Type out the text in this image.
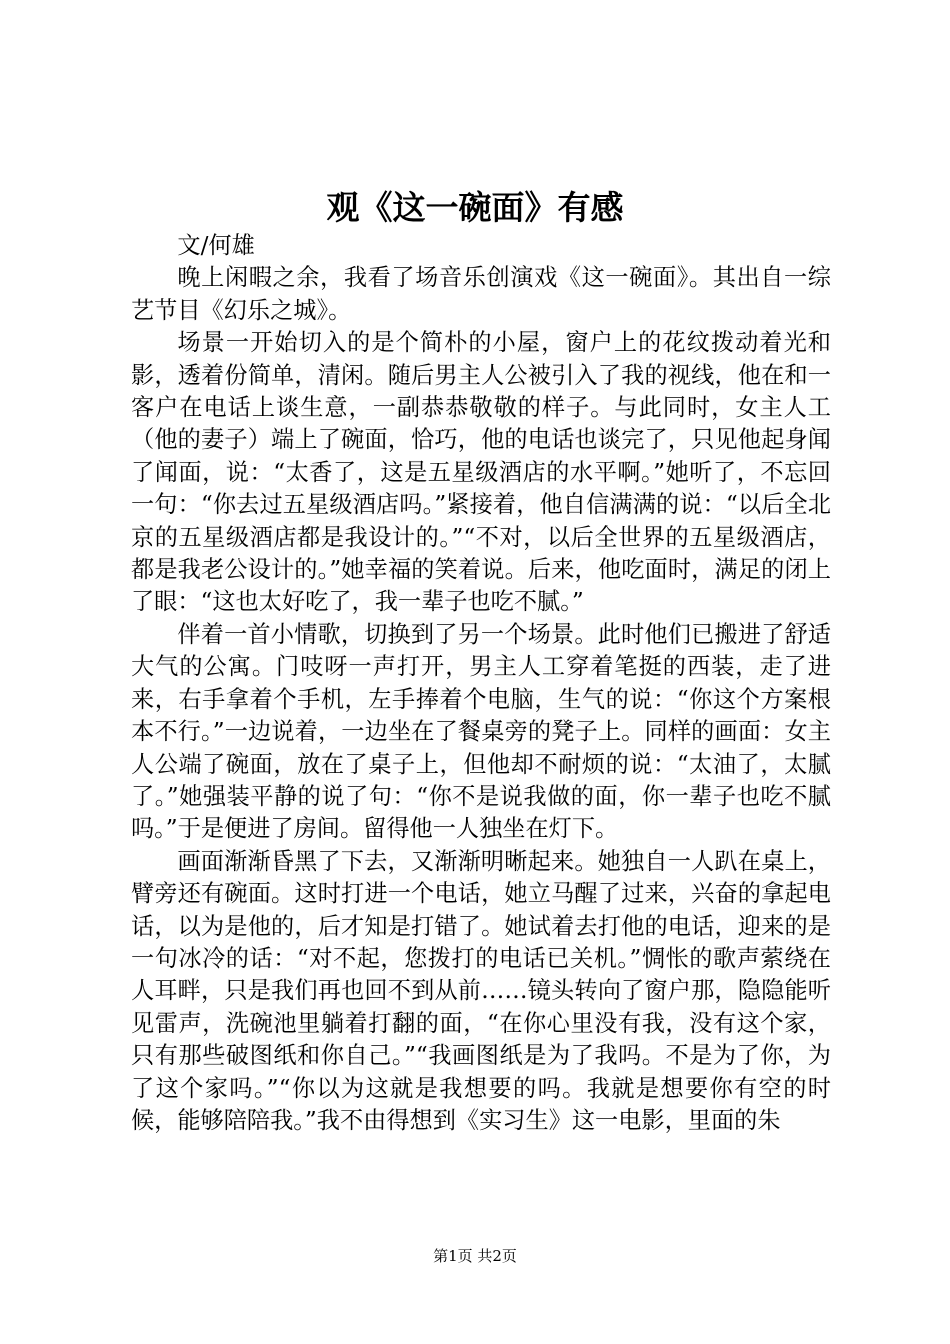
观《这一碗面》有感

文/何雄

晚上闲暇之余，我看了场音乐创演戏《这一碗面》。其出自一综艺节目《幻乐之城》。

场景一开始切入的是个简朴的小屋，窗户上的花纹拨动着光和影，透着份简单，清闲。随后男主人公被引入了我的视线，他在和一客户在电话上谈生意，一副恭恭敬敬的样子。与此同时，女主人工（他的妻子）端上了碗面，恰巧，他的电话也谈完了，只见他起身闻了闻面，说：“太香了，这是五星级酒店的水平啊。”她听了，不忘回一句：“你去过五星级酒店吗。”紧接着，他自信满满的说：“以后全北京的五星级酒店都是我设计的。”“不对，以后全世界的五星级酒店，都是我老公设计的。”她幸福的笑着说。后来，他吃面时，满足的闭上了眼：“这也太好吃了，我一辈子也吃不腻。”

伴着一首小情歌，切换到了另一个场景。此时他们已搬进了舒适大气的公寓。门吱呀一声打开，男主人工穿着笔挺的西装，走了进来，右手拿着个手机，左手捧着个电脑，生气的说：“你这个方案根本不行。”一边说着，一边坐在了餐桌旁的凳子上。同样的画面：女主人公端了碗面，放在了桌子上，但他却不耐烦的说：“太油了，太腻了。”她强装平静的说了句：“你不是说我做的面，你一辈子也吃不腻吗。”于是便进了房间。留得他一人独坐在灯下。

画面渐渐昏黑了下去，又渐渐明晰起来。她独自一人趴在桌上，臂旁还有碗面。这时打进一个电话，她立马醒了过来，兴奋的拿起电话，以为是他的，后才知是打错了。她试着去打他的电话，迎来的是一句冰冷的话：“对不起，您拨打的电话已关机。”惆怅的歌声萦绕在人耳畔，只是我们再也回不到从前……镜头转向了窗户那，隐隐能听见雷声，洗碗池里躺着打翻的面，“在你心里没有我，没有这个家，只有那些破图纸和你自己。”“我画图纸是为了我吗。不是为了你，为了这个家吗。”“你以为这就是我想要的吗。我就是想要你有空的时候，能够陪陪我。”我不由得想到《实习生》这一电影，里面的朱

第1页 共2页
